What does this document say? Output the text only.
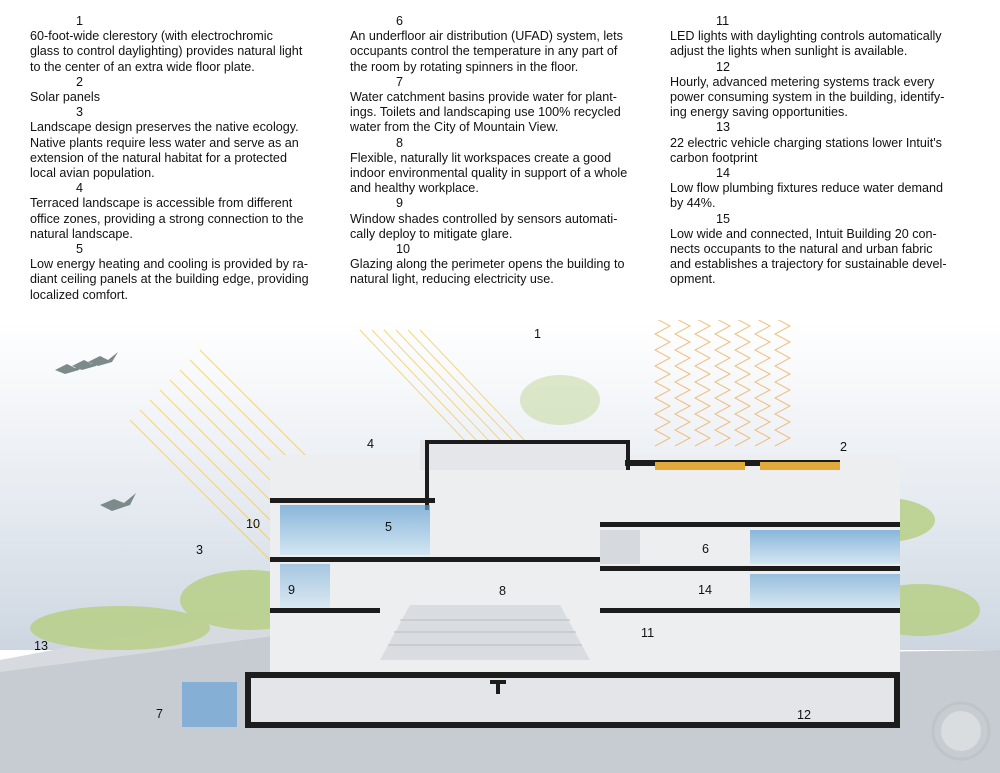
1
60-foot-wide clerestory (with electrochromic
glass to control daylighting) provides natural light
to the center of an extra wide floor plate.
2
Solar panels
3
Landscape design preserves the native ecology.
Native plants require less water and serve as an
extension of the natural habitat for a protected
local avian population.
4
Terraced landscape is accessible from different
office zones, providing a strong connection to the
natural landscape.
5
Low energy heating and cooling is provided by ra-
diant ceiling panels at the building edge, providing
localized comfort.
6
An underfloor air distribution (UFAD) system, lets
occupants control the temperature in any part of
the room by rotating spinners in the floor.
7
Water catchment basins provide water for plant-
ings. Toilets and landscaping use 100% recycled
water from the City of Mountain View.
8
Flexible, naturally lit workspaces create a good
indoor environmental quality in support of a whole
and healthy workplace.
9
Window shades controlled by sensors automati-
cally deploy to mitigate glare.
10
Glazing along the perimeter opens the building to
natural light, reducing electricity use.
11
LED lights with daylighting controls automatically
adjust the lights when sunlight is available.
12
Hourly, advanced metering systems track every
power consuming system in the building, identify-
ing energy saving opportunities.
13
22 electric vehicle charging stations lower Intuit's
carbon footprint
14
Low flow plumbing fixtures reduce water demand
by 44%.
15
Low wide and connected, Intuit Building 20 con-
nects occupants to the natural and urban fabric
and establishes a trajectory for sustainable devel-
opment.
1
2
3
4
5
6
7
8
9
10
11
12
13
14
